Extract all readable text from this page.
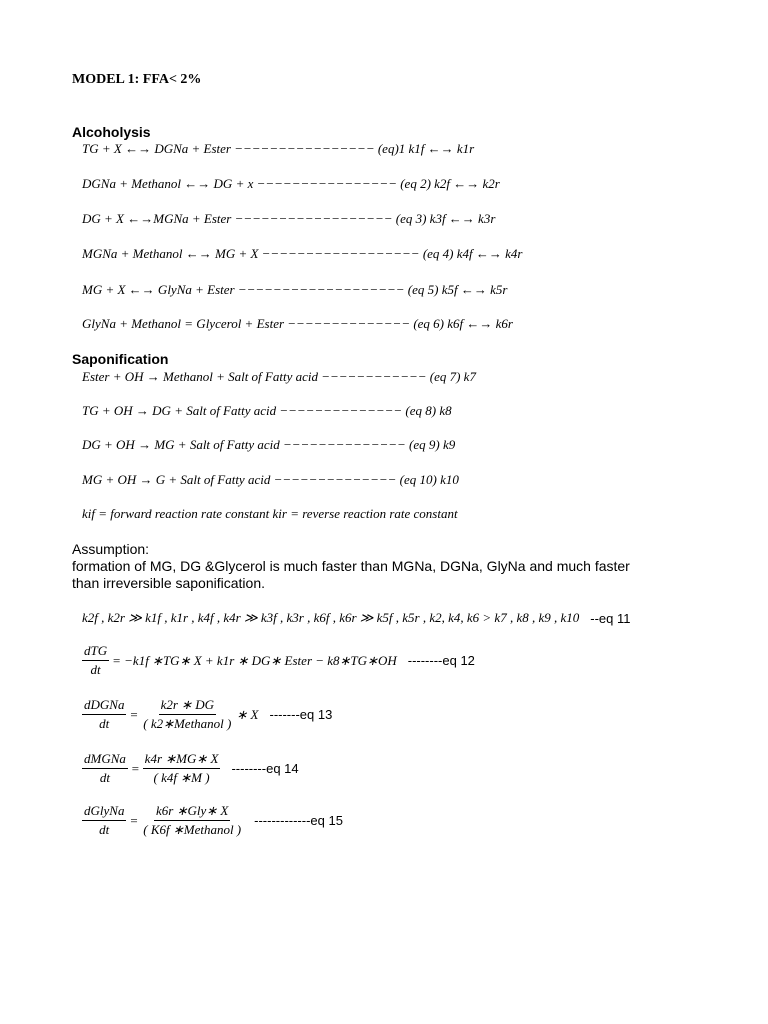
MODEL 1: FFA< 2%
Alcoholysis
TG + X ←→ DGNa + Ester −−−−−−−−−−−−−−−− (eq)1 k1f ←→ k1r
DGNa + Methanol ←→ DG + x −−−−−−−−−−−−−−−− (eq 2) k2f ←→ k2r
DG + X ←→MGNa + Ester −−−−−−−−−−−−−−−−−− (eq 3) k3f ←→ k3r
MGNa + Methanol ←→ MG + X −−−−−−−−−−−−−−−−−− (eq 4) k4f ←→ k4r
MG + X ←→ GlyNa + Ester −−−−−−−−−−−−−−−−−−− (eq 5) k5f ←→ k5r
GlyNa + Methanol = Glycerol + Ester −−−−−−−−−−−−−− (eq 6) k6f ←→ k6r
Saponification
Ester + OH → Methanol + Salt of Fatty acid −−−−−−−−−−−− (eq 7) k7
TG + OH → DG + Salt of Fatty acid −−−−−−−−−−−−−− (eq 8) k8
DG + OH → MG + Salt of Fatty acid −−−−−−−−−−−−−− (eq 9) k9
MG + OH → G + Salt of Fatty acid −−−−−−−−−−−−−− (eq 10) k10
kif = forward reaction rate constant kir = reverse reaction rate constant
Assumption:
formation of MG, DG &Glycerol is much faster than MGNa, DGNa, GlyNa and much faster
than irreversible saponification.
k2f , k2r ≫ k1f , k1r , k4f , k4r ≫ k3f , k3r , k6f , k6r ≫ k5f , k5r , k2, k4, k6 > k7 , k8 , k9 , k10 --eq 11
$\frac{\text{dTG}}{dt} = -k1f$ ∗TG∗ X + k1r ∗ DG∗ Ester − k8∗TG∗OH --------eq 12
$\frac{\text{dDGNa}}{dt} = \frac{k2r ∗ DG}{\text{( k2∗Methanol )}}$ ∗ X -------eq 13
$\frac{\text{dMGNa}}{dt} = \frac{k4r ∗MG∗ X}{( k4f ∗M )} --------eq$ 14
$\frac{\text{dGlyNa}}{dt} = \frac{\text{k6r ∗Gly∗ X}}{\text{( K6f ∗Methanol )}} -------------eq$ 15
